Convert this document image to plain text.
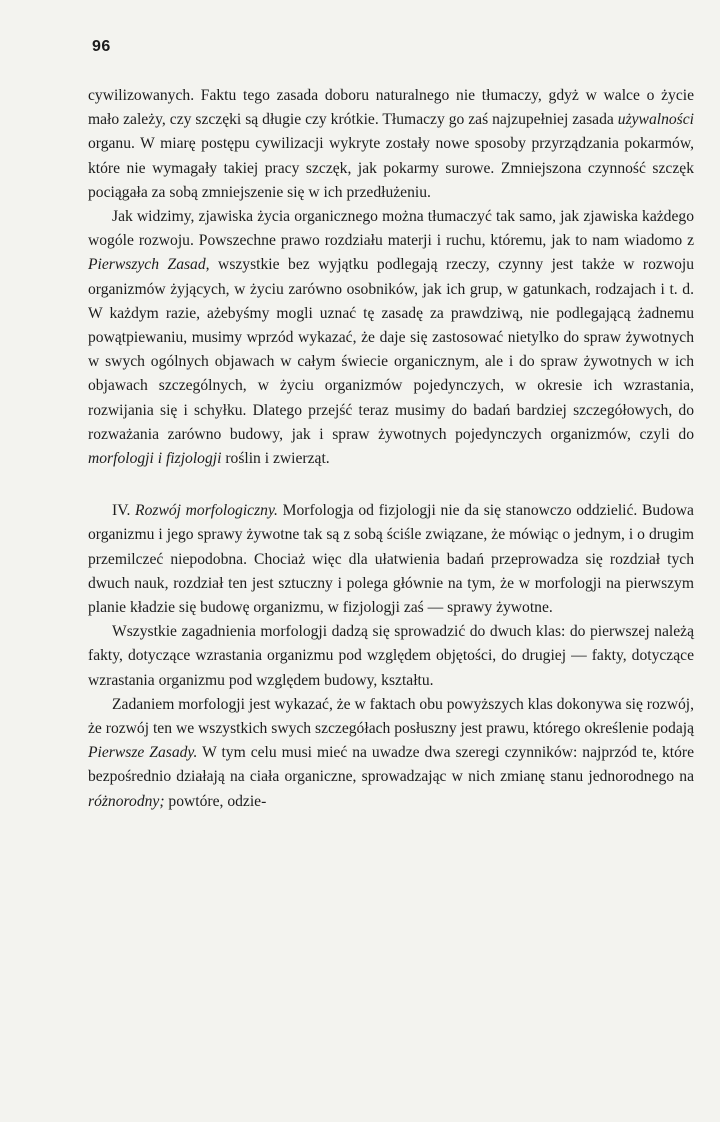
96

cywilizowanych. Faktu tego zasada doboru naturalnego nie tłumaczy, gdyż w walce o życie mało zależy, czy szczęki są długie czy krótkie. Tłumaczy go zaś najzupełniej zasada używalności organu. W miarę postępu cywilizacji wykryte zostały nowe sposoby przyrządzania pokarmów, które nie wymagały takiej pracy szczęk, jak pokarmy surowe. Zmniejszona czynność szczęk pociągała za sobą zmniejszenie się w ich przedłużeniu.

Jak widzimy, zjawiska życia organicznego można tłumaczyć tak samo, jak zjawiska każdego wogóle rozwoju. Powszechne prawo rozdziału materji i ruchu, któremu, jak to nam wiadomo z Pierwszych Zasad, wszystkie bez wyjątku podlegają rzeczy, czynny jest także w rozwoju organizmów żyjących, w życiu zarówno osobników, jak ich grup, w gatunkach, rodzajach i t. d. W każdym razie, ażebyśmy mogli uznać tę zasadę za prawdziwą, nie podlegającą żadnemu powątpiewaniu, musimy wprzód wykazać, że daje się zastosować nietylko do spraw żywotnych w swych ogólnych objawach w całym świecie organicznym, ale i do spraw żywotnych w ich objawach szczególnych, w życiu organizmów pojedynczych, w okresie ich wzrastania, rozwijania się i schyłku. Dlatego przejść teraz musimy do badań bardziej szczegółowych, do rozważania zarówno budowy, jak i spraw żywotnych pojedynczych organizmów, czyli do morfologji i fizjologji roślin i zwierząt.

IV. Rozwój morfologiczny. Morfologja od fizjologji nie da się stanowczo oddzielić. Budowa organizmu i jego sprawy żywotne tak są z sobą ściśle związane, że mówiąc o jednym, i o drugim przemilczeć niepodobna. Chociaż więc dla ułatwienia badań przeprowadza się rozdział tych dwuch nauk, rozdział ten jest sztuczny i polega głównie na tym, że w morfologji na pierwszym planie kładzie się budowę organizmu, w fizjologji zaś — sprawy żywotne.

Wszystkie zagadnienia morfologji dadzą się sprowadzić do dwuch klas: do pierwszej należą fakty, dotyczące wzrastania organizmu pod względem objętości, do drugiej — fakty, dotyczące wzrastania organizmu pod względem budowy, kształtu.

Zadaniem morfologji jest wykazać, że w faktach obu powyższych klas dokonywa się rozwój, że rozwój ten we wszystkich swych szczegółach posłuszny jest prawu, którego określenie podają Pierwsze Zasady. W tym celu musi mieć na uwadze dwa szeregi czynników: najprzód te, które bezpośrednio działają na ciała organiczne, sprowadzając w nich zmianę stanu jednorodnego na różnorodny; powtóre, odzie-
